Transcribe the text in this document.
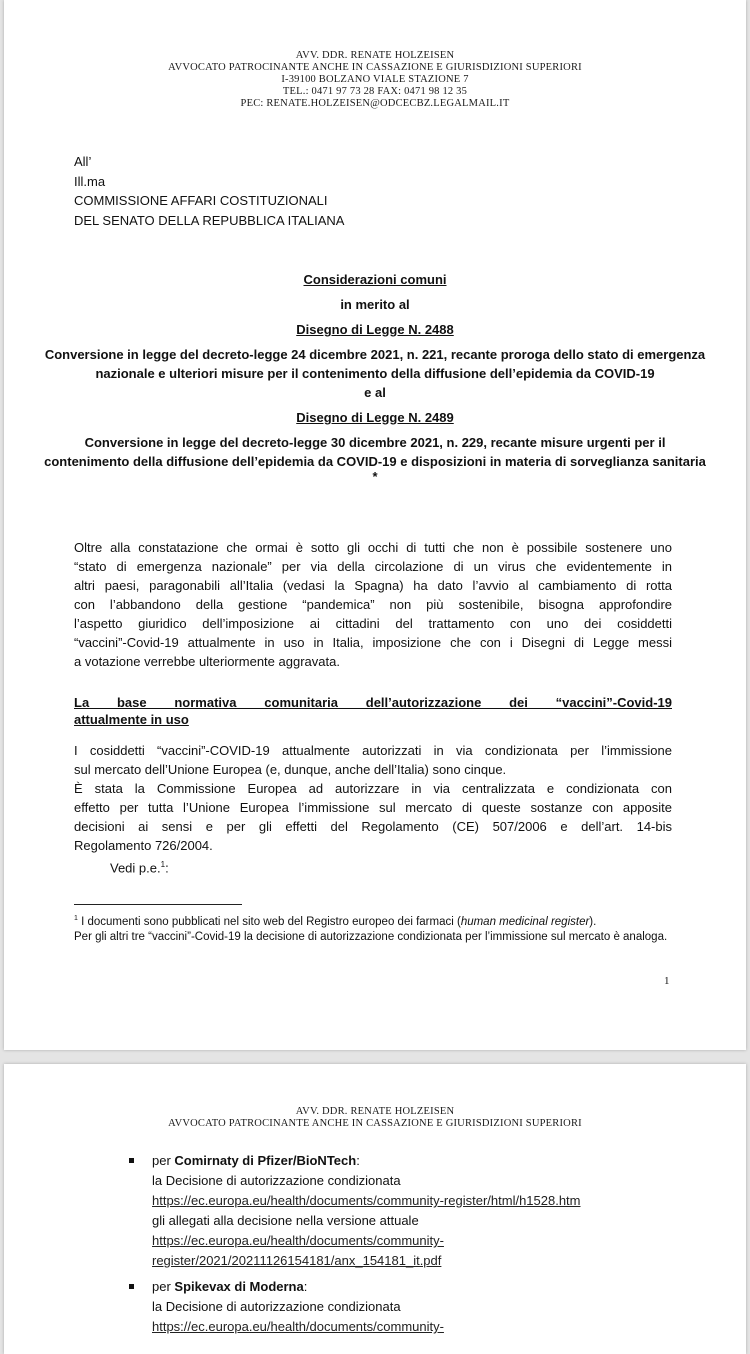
AVV. DDR. RENATE HOLZEISEN
AVVOCATO PATROCINANTE ANCHE IN CASSAZIONE E GIURISDIZIONI SUPERIORI
I-39100 BOLZANO VIALE STAZIONE 7
TEL.: 0471 97 73 28 FAX: 0471 98 12 35
PEC: RENATE.HOLZEISEN@ODCECBZ.LEGALMAIL.IT
All’
Ill.ma
COMMISSIONE AFFARI COSTITUZIONALI
DEL SENATO DELLA REPUBBLICA ITALIANA
Considerazioni comuni
in merito al
Disegno di Legge N. 2488
Conversione in legge del decreto-legge 24 dicembre 2021, n. 221, recante proroga dello stato di emergenza nazionale e ulteriori misure per il contenimento della diffusione dell’epidemia da COVID-19
e al
Disegno di Legge N. 2489
Conversione in legge del decreto-legge 30 dicembre 2021, n. 229, recante misure urgenti per il contenimento della diffusione dell’epidemia da COVID-19 e disposizioni in materia di sorveglianza sanitaria
*
Oltre alla constatazione che ormai è sotto gli occhi di tutti che non è possibile sostenere uno
“stato di emergenza nazionale” per via della circolazione di un virus che evidentemente in
altri paesi, paragonabili all’Italia (vedasi la Spagna) ha dato l’avvio al cambiamento di rotta
con l’abbandono della gestione “pandemica” non più sostenibile, bisogna approfondire
l’aspetto giuridico dell’imposizione ai cittadini del trattamento con uno dei cosiddetti
“vaccini”-Covid-19 attualmente in uso in Italia, imposizione che con i Disegni di Legge messi
a votazione verrebbe ulteriormente aggravata.
La base normativa comunitaria dell’autorizzazione dei “vaccini”-Covid-19
attualmente in uso
I cosiddetti “vaccini”-COVID-19 attualmente autorizzati in via condizionata per l’immissione
sul mercato dell’Unione Europea (e, dunque, anche dell’Italia) sono cinque.
È stata la Commissione Europea ad autorizzare in via centralizzata e condizionata con
effetto per tutta l’Unione Europea l’immissione sul mercato di queste sostanze con apposite
decisioni ai sensi e per gli effetti del Regolamento (CE) 507/2006 e dell’art. 14-bis
Regolamento 726/2004.
Vedi p.e.$^1$:
$^1$ I documenti sono pubblicati nel sito web del Registro europeo dei farmaci (human medicinal register).
Per gli altri tre “vaccini”-Covid-19 la decisione di autorizzazione condizionata per l’immissione sul mercato è analoga.
1
AVV. DDR. RENATE HOLZEISEN
AVVOCATO PATROCINANTE ANCHE IN CASSAZIONE E GIURISDIZIONI SUPERIORI
per Comirnaty di Pfizer/BioNTech:
la Decisione di autorizzazione condizionata
https://ec.europa.eu/health/documents/community-register/html/h1528.htm
gli allegati alla decisione nella versione attuale
https://ec.europa.eu/health/documents/community-
register/2021/20211126154181/anx_154181_it.pdf
per Spikevax di Moderna:
la Decisione di autorizzazione condizionata
https://ec.europa.eu/health/documents/community-
